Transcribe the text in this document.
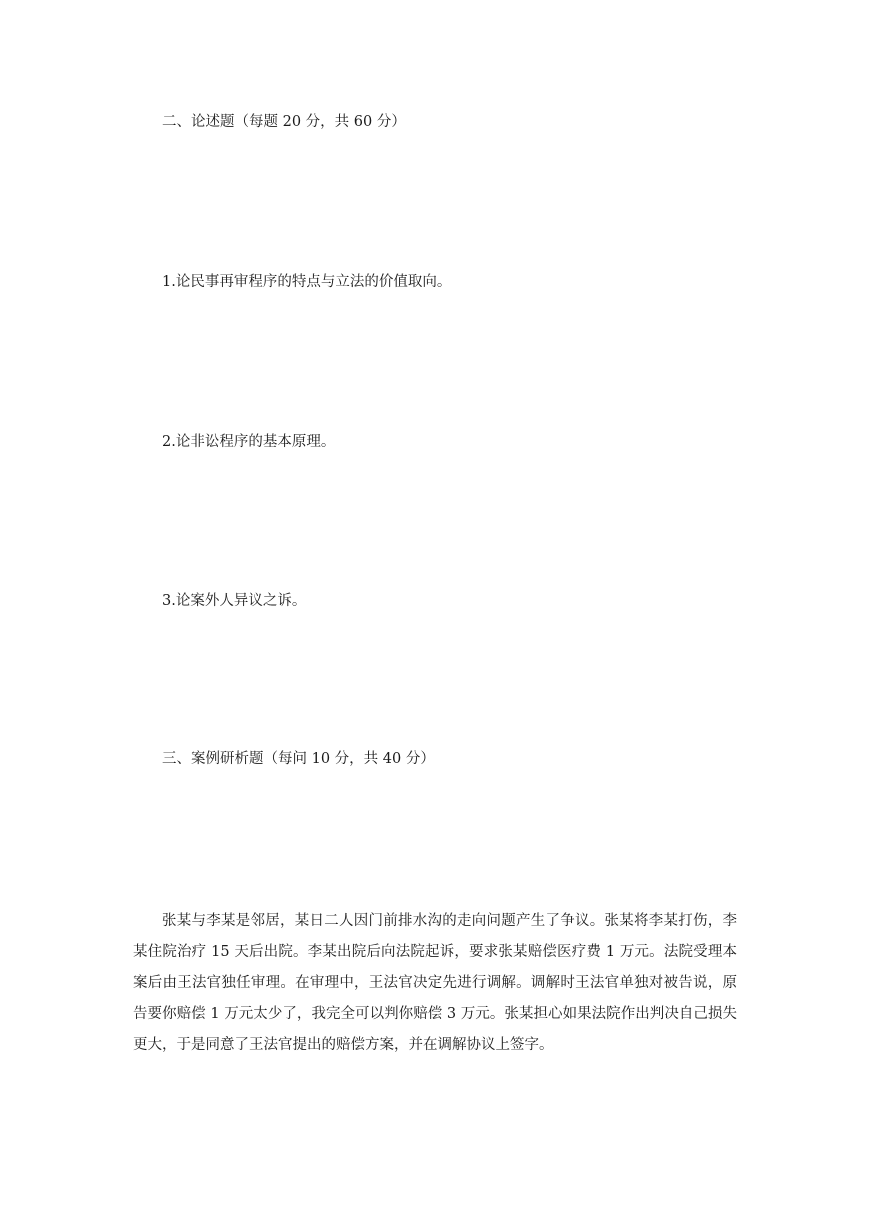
二、论述题（每题 20 分，共 60 分）
1.论民事再审程序的特点与立法的价值取向。
2.论非讼程序的基本原理。
3.论案外人异议之诉。
三、案例研析题（每问 10 分，共 40 分）
张某与李某是邻居，某日二人因门前排水沟的走向问题产生了争议。张某将李某打伤，李某住院治疗 15 天后出院。李某出院后向法院起诉，要求张某赔偿医疗费 1 万元。法院受理本案后由王法官独任审理。在审理中，王法官决定先进行调解。调解时王法官单独对被告说，原告要你赔偿 1 万元太少了，我完全可以判你赔偿 3 万元。张某担心如果法院作出判决自己损失更大，于是同意了王法官提出的赔偿方案，并在调解协议上签字。
